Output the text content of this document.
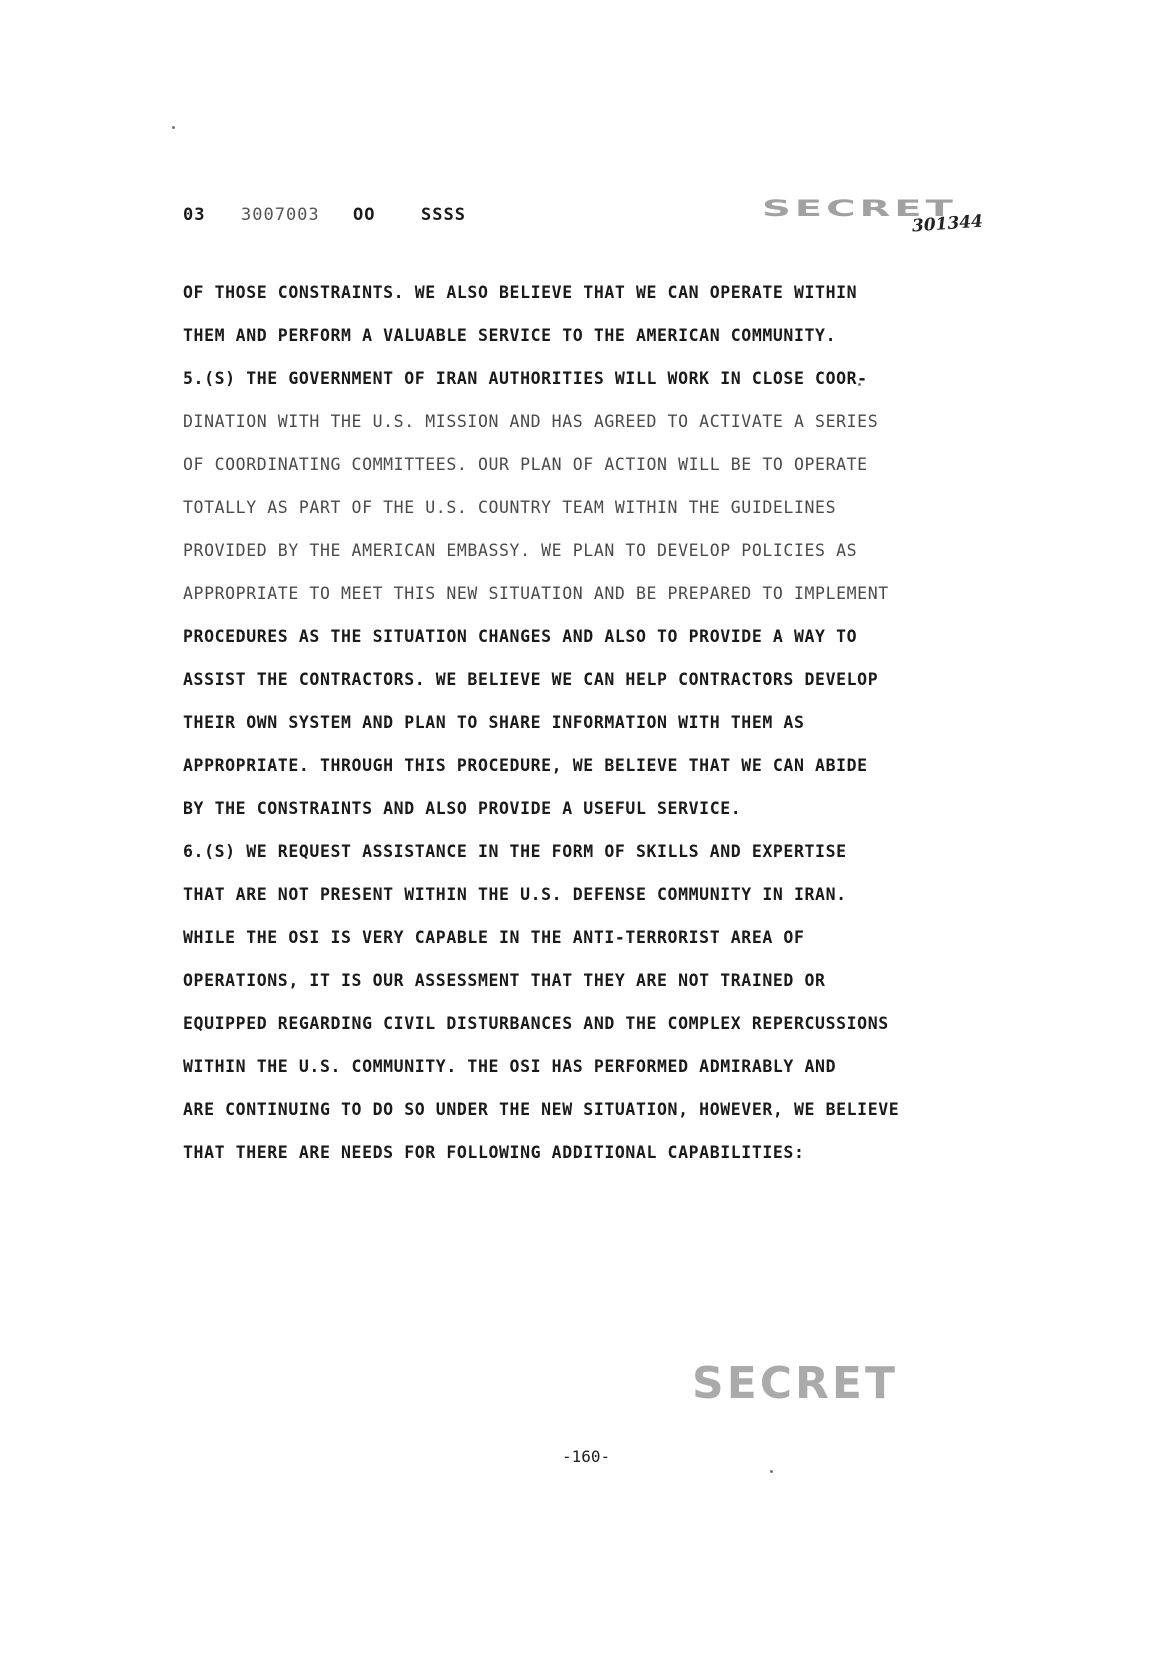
03 3007003 OO	SSSS	SECRET
301344
OF THOSE CONSTRAINTS. WE ALSO BELIEVE THAT WE CAN OPERATE WITHIN
THEM AND PERFORM A VALUABLE SERVICE TO THE AMERICAN COMMUNITY.
5.(S) THE GOVERNMENT OF IRAN AUTHORITIES WILL WORK IN CLOSE COOR-
DINATION WITH THE U.S. MISSION AND HAS AGREED TO ACTIVATE A SERIES
OF COORDINATING COMMITTEES. OUR PLAN OF ACTION WILL BE TO OPERATE
TOTALLY AS PART OF THE U.S. COUNTRY TEAM WITHIN THE GUIDELINES
PROVIDED BY THE AMERICAN EMBASSY. WE PLAN TO DEVELOP POLICIES AS
APPROPRIATE TO MEET THIS NEW SITUATION AND BE PREPARED TO IMPLEMENT
PROCEDURES AS THE SITUATION CHANGES AND ALSO TO PROVIDE A WAY TO
ASSIST THE CONTRACTORS. WE BELIEVE WE CAN HELP CONTRACTORS DEVELOP
THEIR OWN SYSTEM AND PLAN TO SHARE INFORMATION WITH THEM AS
APPROPRIATE. THROUGH THIS PROCEDURE, WE BELIEVE THAT WE CAN ABIDE
BY THE CONSTRAINTS AND ALSO PROVIDE A USEFUL SERVICE.
6.(S) WE REQUEST ASSISTANCE IN THE FORM OF SKILLS AND EXPERTISE
THAT ARE NOT PRESENT WITHIN THE U.S. DEFENSE COMMUNITY IN IRAN.
WHILE THE OSI IS VERY CAPABLE IN THE ANTI-TERRORIST AREA OF
OPERATIONS, IT IS OUR ASSESSMENT THAT THEY ARE NOT TRAINED OR
EQUIPPED REGARDING CIVIL DISTURBANCES AND THE COMPLEX REPERCUSSIONS
WITHIN THE U.S. COMMUNITY. THE OSI HAS PERFORMED ADMIRABLY AND
ARE CONTINUING TO DO SO UNDER THE NEW SITUATION, HOWEVER, WE BELIEVE
THAT THERE ARE NEEDS FOR FOLLOWING ADDITIONAL CAPABILITIES:
SECRET
-160-
